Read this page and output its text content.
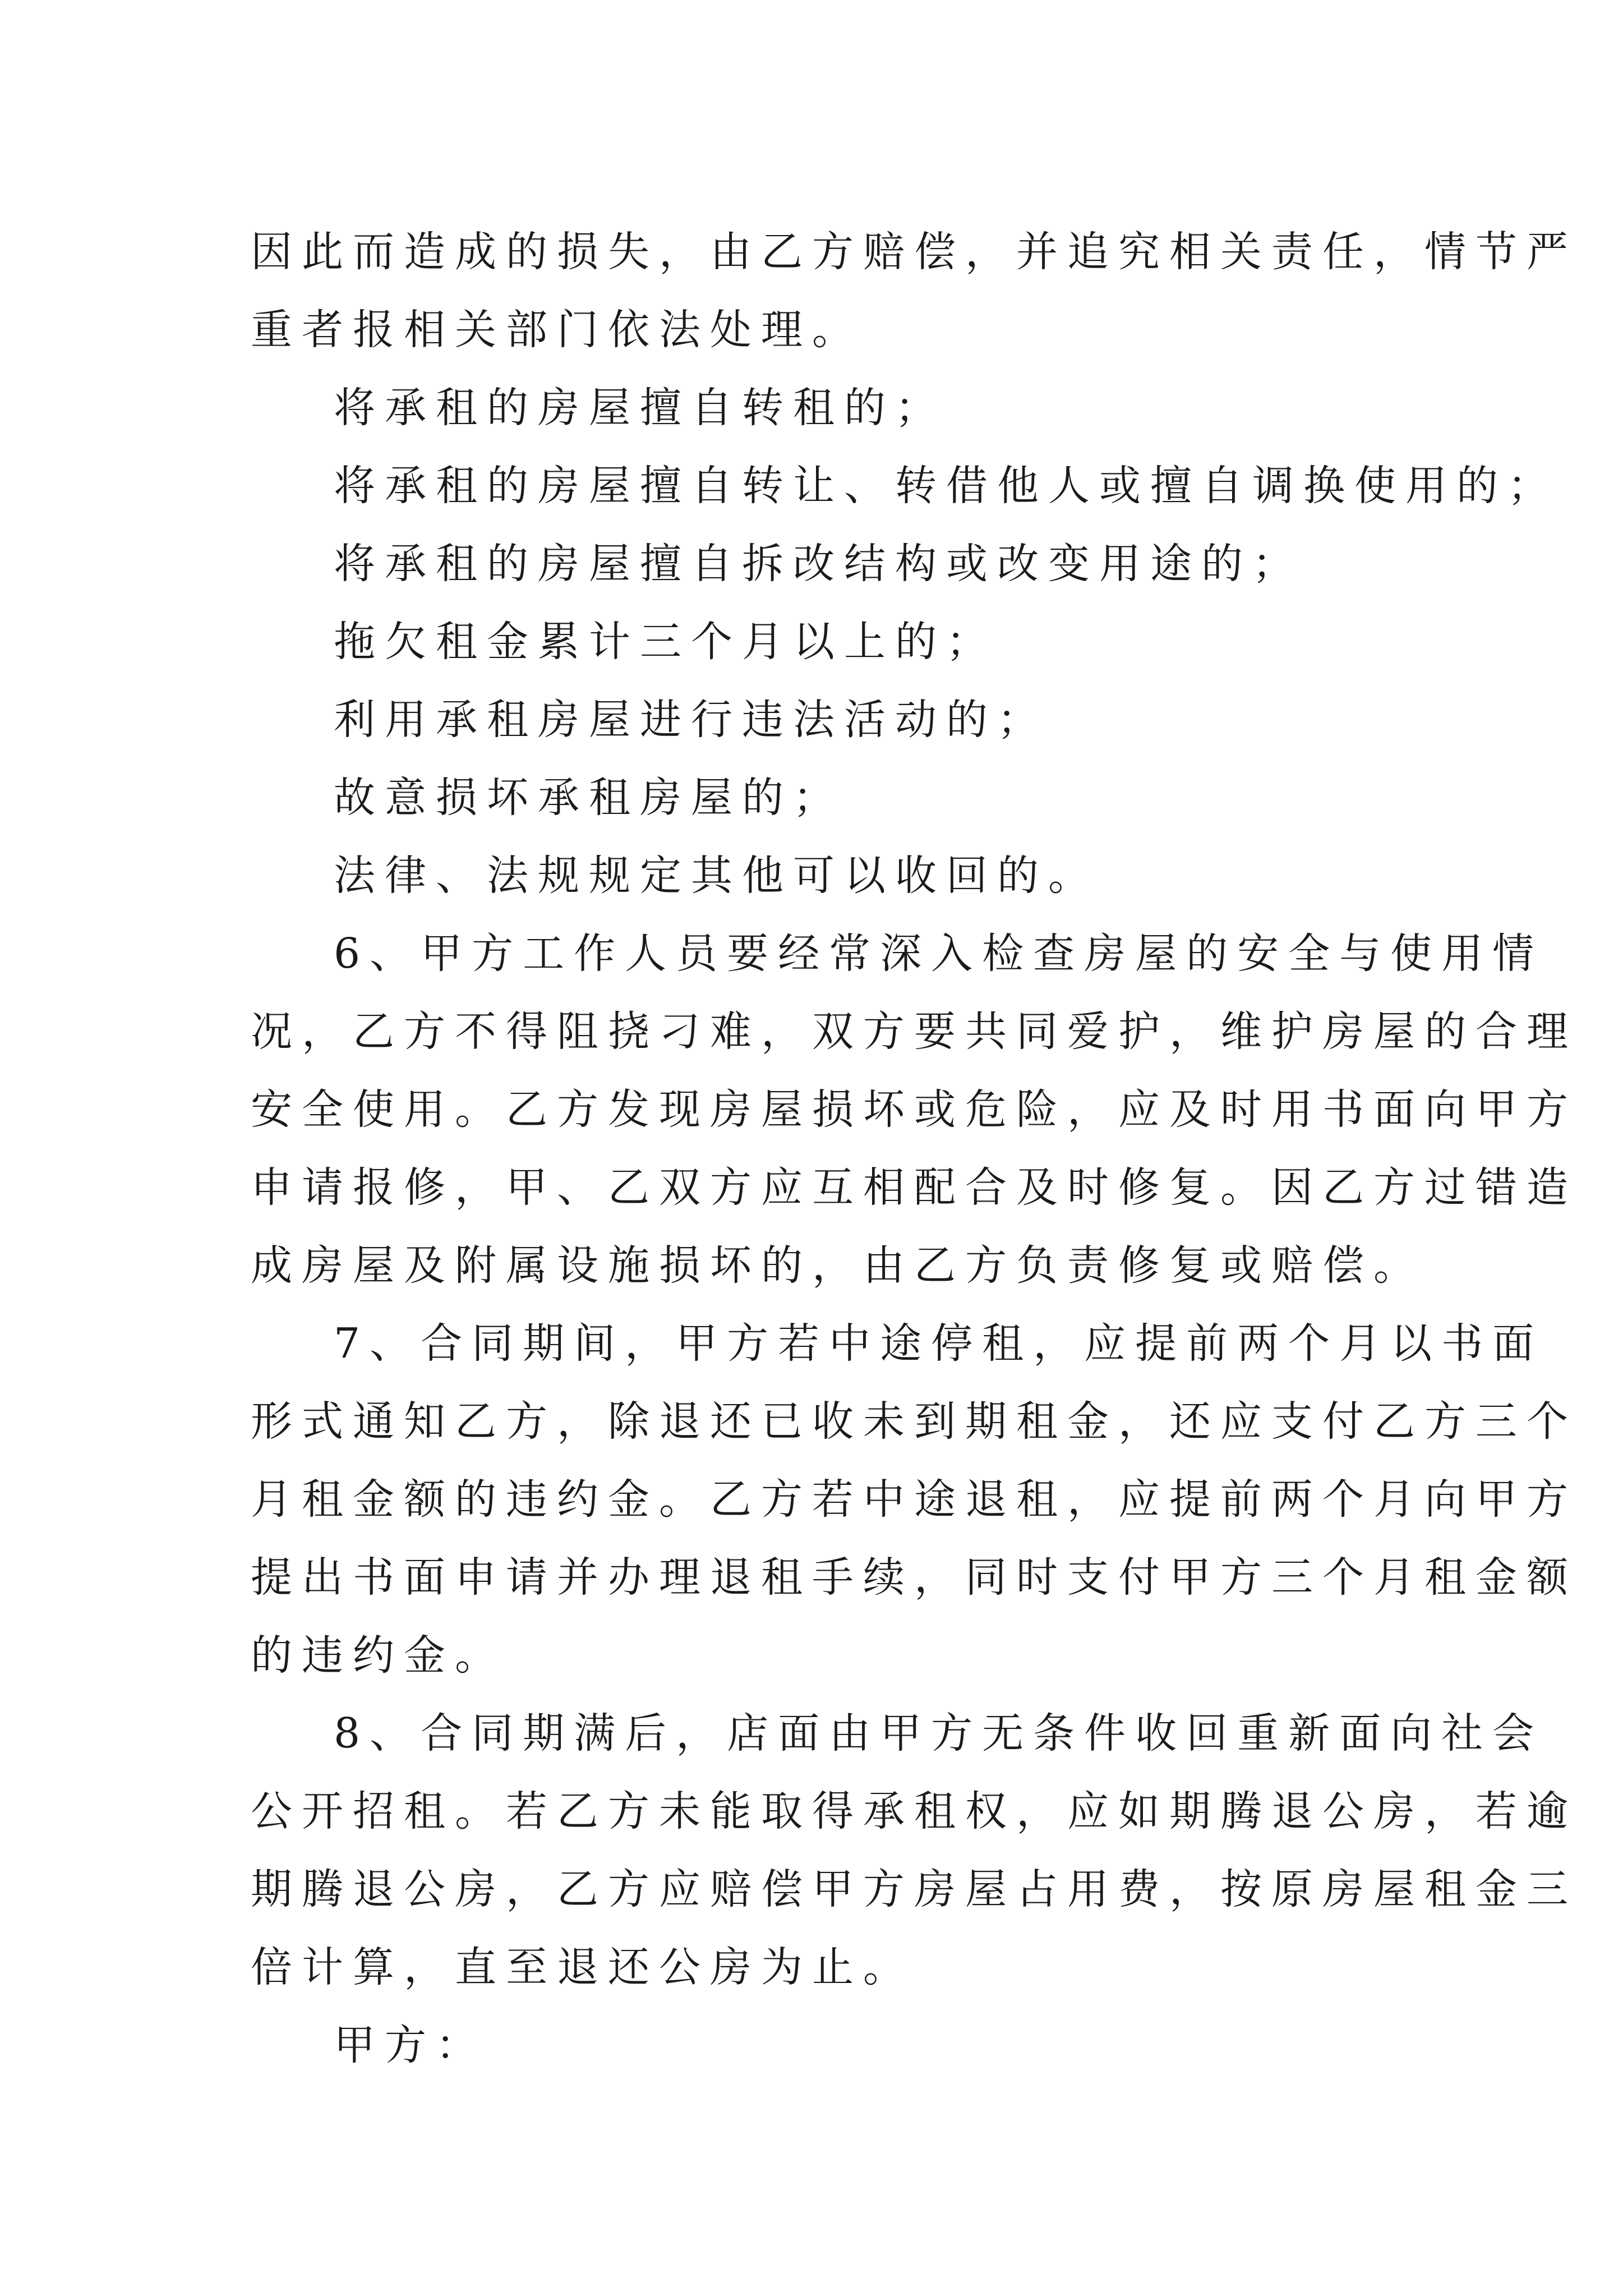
因此而造成的损失，由乙方赔偿，并追究相关责任，情节严
重者报相关部门依法处理。
将承租的房屋擅自转租的；
将承租的房屋擅自转让、转借他人或擅自调换使用的；
将承租的房屋擅自拆改结构或改变用途的；
拖欠租金累计三个月以上的；
利用承租房屋进行违法活动的；
故意损坏承租房屋的；
法律、法规规定其他可以收回的。
6、甲方工作人员要经常深入检查房屋的安全与使用情
况，乙方不得阻挠刁难，双方要共同爱护，维护房屋的合理
安全使用。乙方发现房屋损坏或危险，应及时用书面向甲方
申请报修，甲、乙双方应互相配合及时修复。因乙方过错造
成房屋及附属设施损坏的，由乙方负责修复或赔偿。
7、合同期间，甲方若中途停租，应提前两个月以书面
形式通知乙方，除退还已收未到期租金，还应支付乙方三个
月租金额的违约金。乙方若中途退租，应提前两个月向甲方
提出书面申请并办理退租手续，同时支付甲方三个月租金额
的违约金。
8、合同期满后，店面由甲方无条件收回重新面向社会
公开招租。若乙方未能取得承租权，应如期腾退公房，若逾
期腾退公房，乙方应赔偿甲方房屋占用费，按原房屋租金三
倍计算，直至退还公房为止。
甲方：
